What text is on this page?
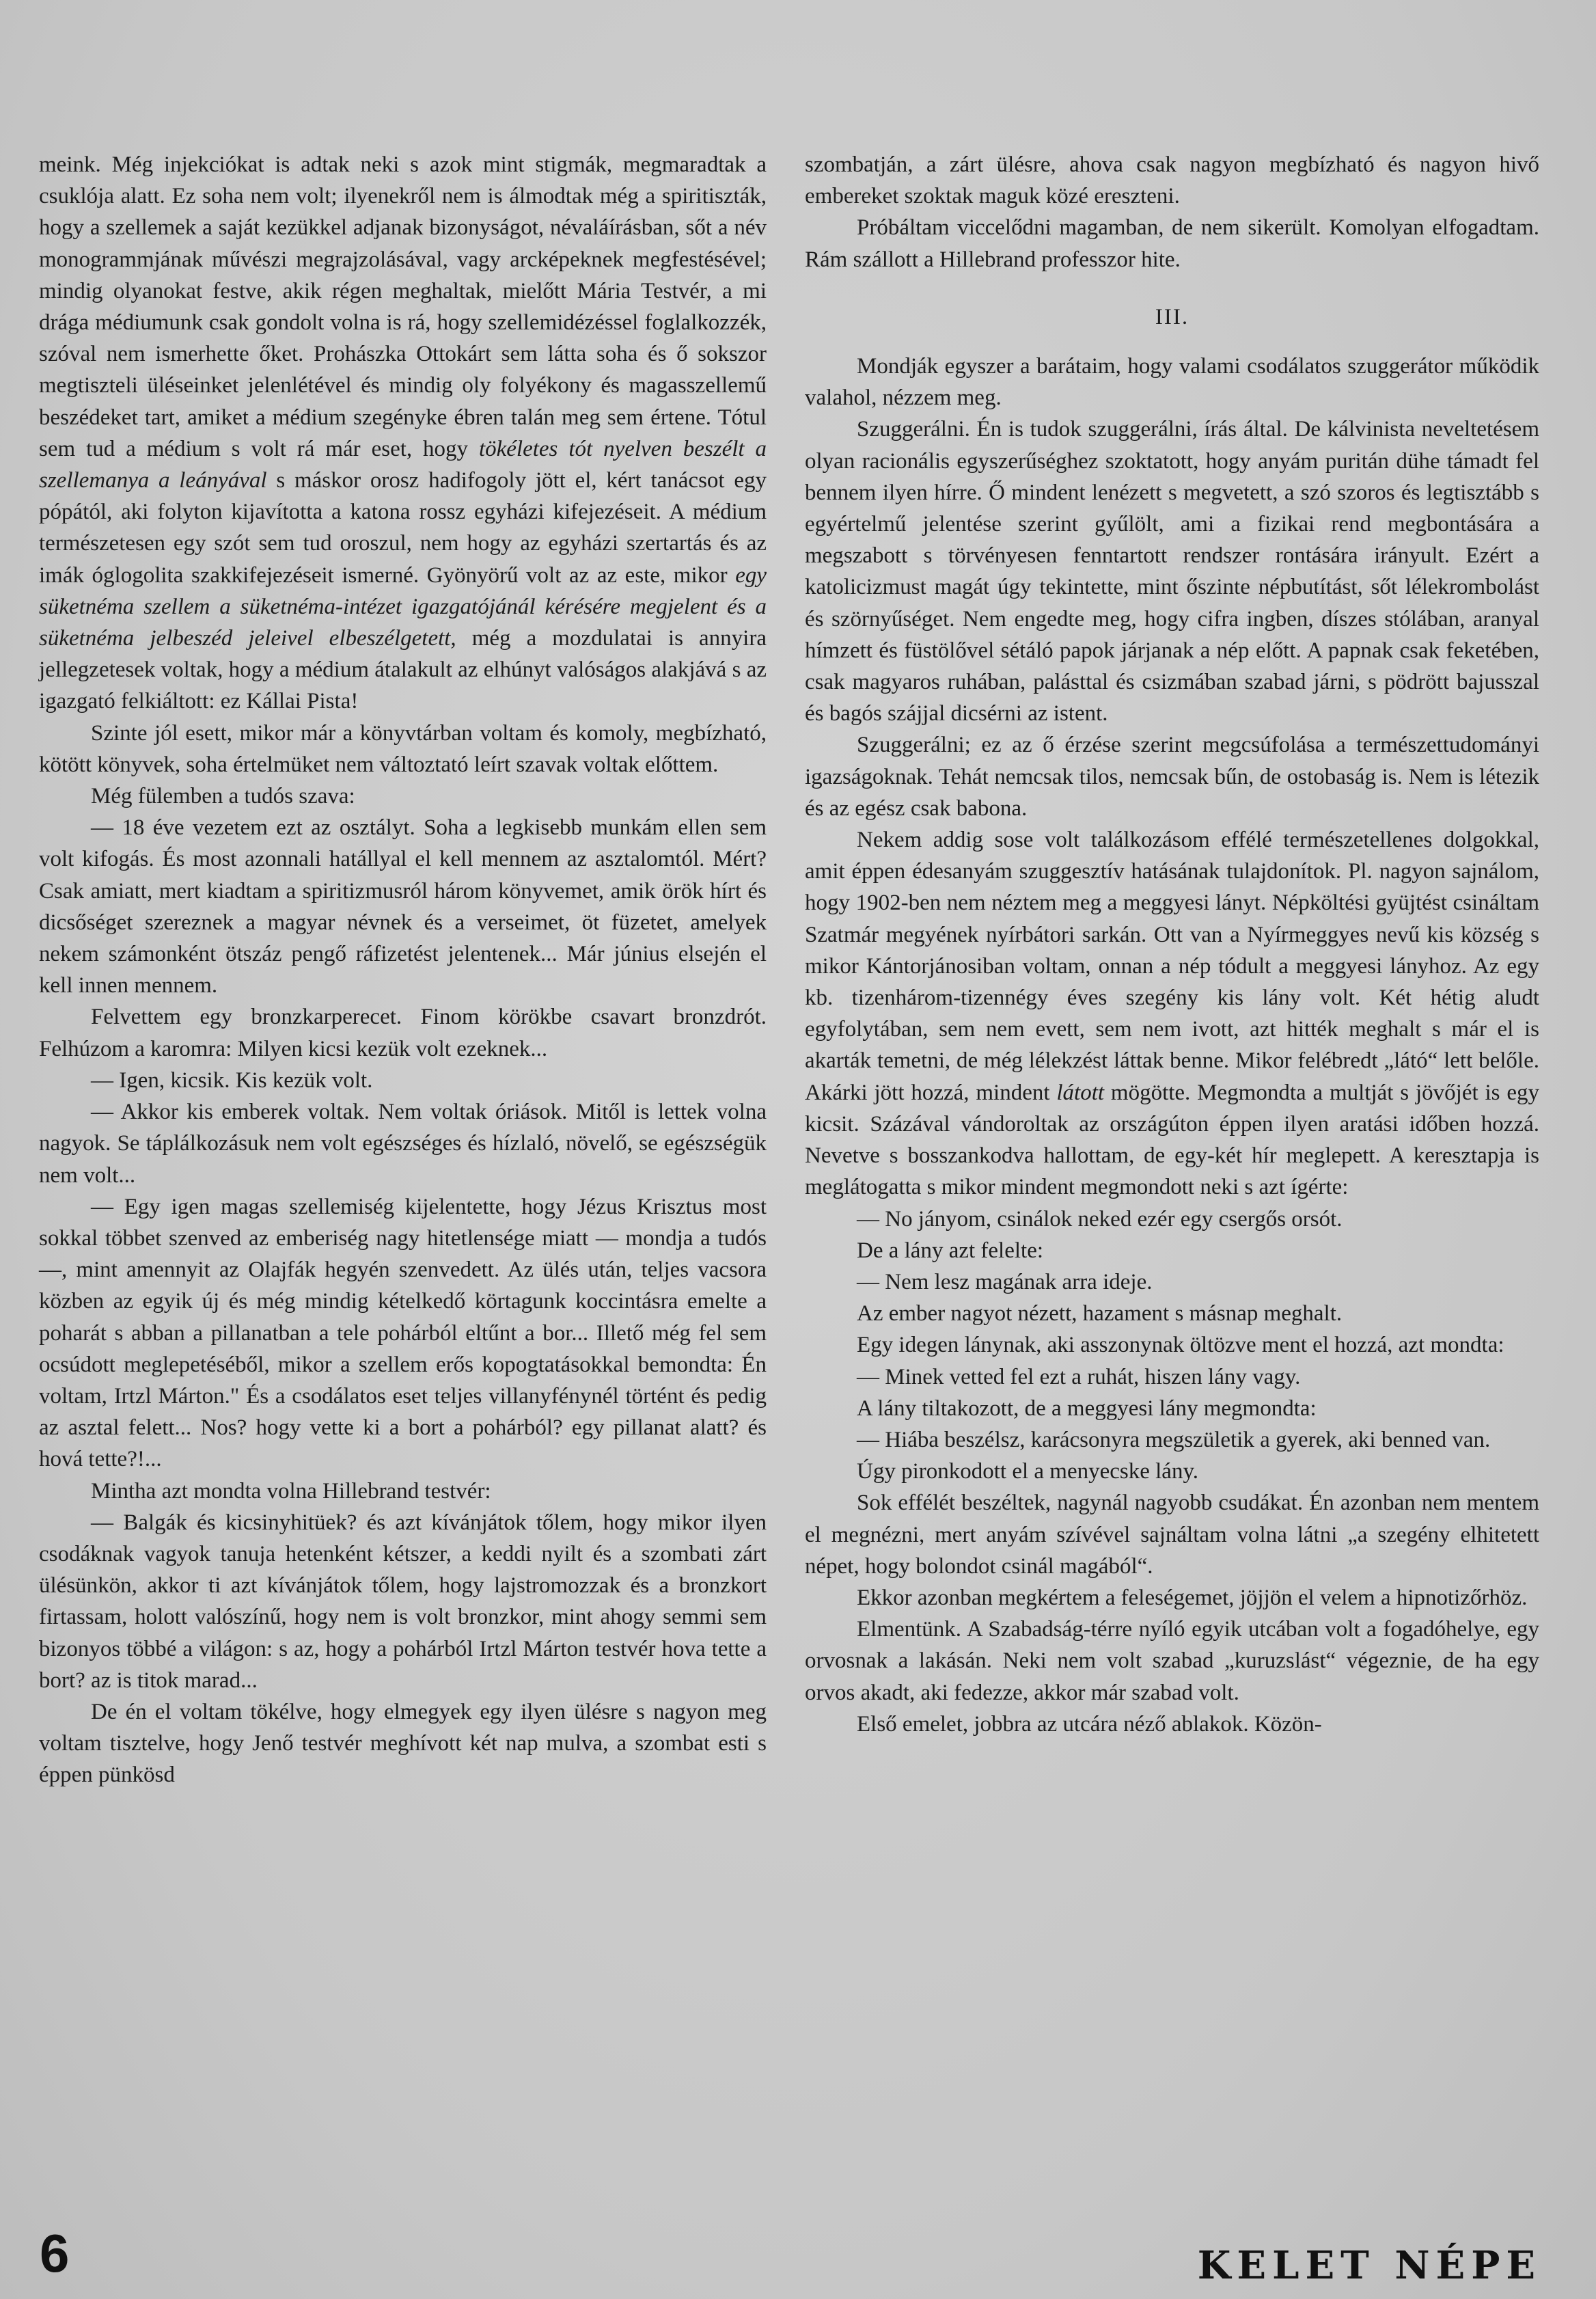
meink. Még injekciókat is adtak neki s azok mint stigmák, megmaradtak a csuklója alatt. Ez soha nem volt; ilyenekről nem is álmodtak még a spiritiszták, hogy a szellemek a saját kezükkel adjanak bizonyságot, névaláírásban, sőt a név monogrammjának művészi megrajzolásával, vagy arcképeknek megfestésével; mindig olyanokat festve, akik régen meghaltak, mielőtt Mária Testvér, a mi drága médiumunk csak gondolt volna is rá, hogy szellemidézéssel foglalkozzék, szóval nem ismerhette őket. Prohászka Ottokárt sem látta soha és ő sokszor megtiszteli üléseinket jelenlétével és mindig oly folyékony és magasszellemű beszédeket tart, amiket a médium szegényke ébren talán meg sem értene. Tótul sem tud a médium s volt rá már eset, hogy tökéletes tót nyelven beszélt a szellemanya a leányával s máskor orosz hadifogoly jött el, kért tanácsot egy pópától, aki folyton kijavította a katona rossz egyházi kifejezéseit. A médium természetesen egy szót sem tud oroszul, nem hogy az egyházi szertartás és az imák óglogolita szakkifejezéseit ismerné. Gyönyörű volt az az este, mikor egy süketnéma szellem a süketnéma-intézet igazgatójánál kérésére megjelent és a süketnéma jelbeszéd jeleivel elbeszélgetett, még a mozdulatai is annyira jellegzetesek voltak, hogy a médium átalakult az elhúnyt valóságos alakjává s az igazgató felkiáltott: ez Kállai Pista!

Szinte jól esett, mikor már a könyvtárban voltam és komoly, megbízható, kötött könyvek, soha értelmüket nem változtató leírt szavak voltak előttem.

Még fülemben a tudós szava:

— 18 éve vezetem ezt az osztályt. Soha a legkisebb munkám ellen sem volt kifogás. És most azonnali hatállyal el kell mennem az asztalomtól. Mért? Csak amiatt, mert kiadtam a spiritizmusról három könyvemet, amik örök hírt és dicsőséget szereznek a magyar névnek és a verseimet, öt füzetet, amelyek nekem számonként ötszáz pengő ráfizetést jelentenek... Már június elsején el kell innen mennem.

Felvettem egy bronzkarperecet. Finom körökbe csavart bronzdrót. Felhúzom a karomra: Milyen kicsi kezük volt ezeknek...

— Igen, kicsik. Kis kezük volt.

— Akkor kis emberek voltak. Nem voltak óriások. Mitől is lettek volna nagyok. Se táplálkozásuk nem volt egészséges és hízlaló, növelő, se egészségük nem volt...

— Egy igen magas szellemiség kijelentette, hogy Jézus Krisztus most sokkal többet szenved az emberiség nagy hitetlensége miatt — mondja a tudós —, mint amennyit az Olajfák hegyén szenvedett. Az ülés után, teljes vacsora közben az egyik új és még mindig kételkedő körtagunk koccintásra emelte a poharát s abban a pillanatban a tele pohárból eltűnt a bor... Illető még fel sem ocsúdott meglepetéséből, mikor a szellem erős kopogtatásokkal bemondta: Én voltam, Irtzl Márton." És a csodálatos eset teljes villanyfénynél történt és pedig az asztal felett... Nos? hogy vette ki a bort a pohárból? egy pillanat alatt? és hová tette?!...

Mintha azt mondta volna Hillebrand testvér:

— Balgák és kicsinyhitüek? és azt kívánjátok tőlem, hogy mikor ilyen csodáknak vagyok tanuja hetenként kétszer, a keddi nyilt és a szombati zárt ülésünkön, akkor ti azt kívánjátok tőlem, hogy lajstromozzak és a bronzkort firtassam, holott valószínű, hogy nem is volt bronzkor, mint ahogy semmi sem bizonyos többé a világon: s az, hogy a pohárból Irtzl Márton testvér hova tette a bort? az is titok marad...

De én el voltam tökélve, hogy elmegyek egy ilyen ülésre s nagyon meg voltam tisztelve, hogy Jenő testvér meghívott két nap mulva, a szombat esti s éppen pünkösd

szombatján, a zárt ülésre, ahova csak nagyon megbízható és nagyon hivő embereket szoktak maguk közé ereszteni.

Próbáltam viccelődni magamban, de nem sikerült. Komolyan elfogadtam. Rám szállott a Hillebrand professzor hite.

III.

Mondják egyszer a barátaim, hogy valami csodálatos szuggerátor működik valahol, nézzem meg.

Szuggerálni. Én is tudok szuggerálni, írás által. De kálvinista neveltetésem olyan racionális egyszerűséghez szoktatott, hogy anyám puritán dühe támadt fel bennem ilyen hírre. Ő mindent lenézett s megvetett, a szó szoros és legtisztább s egyértelmű jelentése szerint gyűlölt, ami a fizikai rend megbontására a megszabott s törvényesen fenntartott rendszer rontására irányult. Ezért a katolicizmust magát úgy tekintette, mint őszinte népbutítást, sőt lélekrombolást és szörnyűséget. Nem engedte meg, hogy cifra ingben, díszes stólában, aranyal hímzett és füstölővel sétáló papok járjanak a nép előtt. A papnak csak feketében, csak magyaros ruhában, palásttal és csizmában szabad járni, s pödrött bajusszal és bagós szájjal dicsérni az istent.

Szuggerálni; ez az ő érzése szerint megcsúfolása a természettudományi igazságoknak. Tehát nemcsak tilos, nemcsak bűn, de ostobaság is. Nem is létezik és az egész csak babona.

Nekem addig sose volt találkozásom effélé természetellenes dolgokkal, amit éppen édesanyám szuggesztív hatásának tulajdonítok. Pl. nagyon sajnálom, hogy 1902-ben nem néztem meg a meggyesi lányt. Népköltési gyüjtést csináltam Szatmár megyének nyírbátori sarkán. Ott van a Nyírmeggyes nevű kis község s mikor Kántorjánosiban voltam, onnan a nép tódult a meggyesi lányhoz. Az egy kb. tizenhárom-tizennégy éves szegény kis lány volt. Két hétig aludt egyfolytában, sem nem evett, sem nem ivott, azt hitték meghalt s már el is akarták temetni, de még lélekzést láttak benne. Mikor felébredt „látó“ lett belőle. Akárki jött hozzá, mindent látott mögötte. Megmondta a multját s jövőjét is egy kicsit. Százával vándoroltak az országúton éppen ilyen aratási időben hozzá. Nevetve s bosszankodva hallottam, de egy-két hír meglepett. A keresztapja is meglátogatta s mikor mindent megmondott neki s azt ígérte:

— No jányom, csinálok neked ezér egy csergős orsót.

De a lány azt felelte:

— Nem lesz magának arra ideje.

Az ember nagyot nézett, hazament s másnap meghalt.

Egy idegen lánynak, aki asszonynak öltözve ment el hozzá, azt mondta:

— Minek vetted fel ezt a ruhát, hiszen lány vagy.

A lány tiltakozott, de a meggyesi lány megmondta:

— Hiába beszélsz, karácsonyra megszületik a gyerek, aki benned van.

Úgy pironkodott el a menyecske lány.

Sok effélét beszéltek, nagynál nagyobb csudákat. Én azonban nem mentem el megnézni, mert anyám szívével sajnáltam volna látni „a szegény elhitetett népet, hogy bolondot csinál magából“.

Ekkor azonban megkértem a feleségemet, jöjjön el velem a hipnotizőrhöz.

Elmentünk. A Szabadság-térre nyíló egyik utcában volt a fogadóhelye, egy orvosnak a lakásán. Neki nem volt szabad „kuruzslást“ végeznie, de ha egy orvos akadt, aki fedezze, akkor már szabad volt.

Első emelet, jobbra az utcára néző ablakok. Közön-

6	KELET NÉPE
